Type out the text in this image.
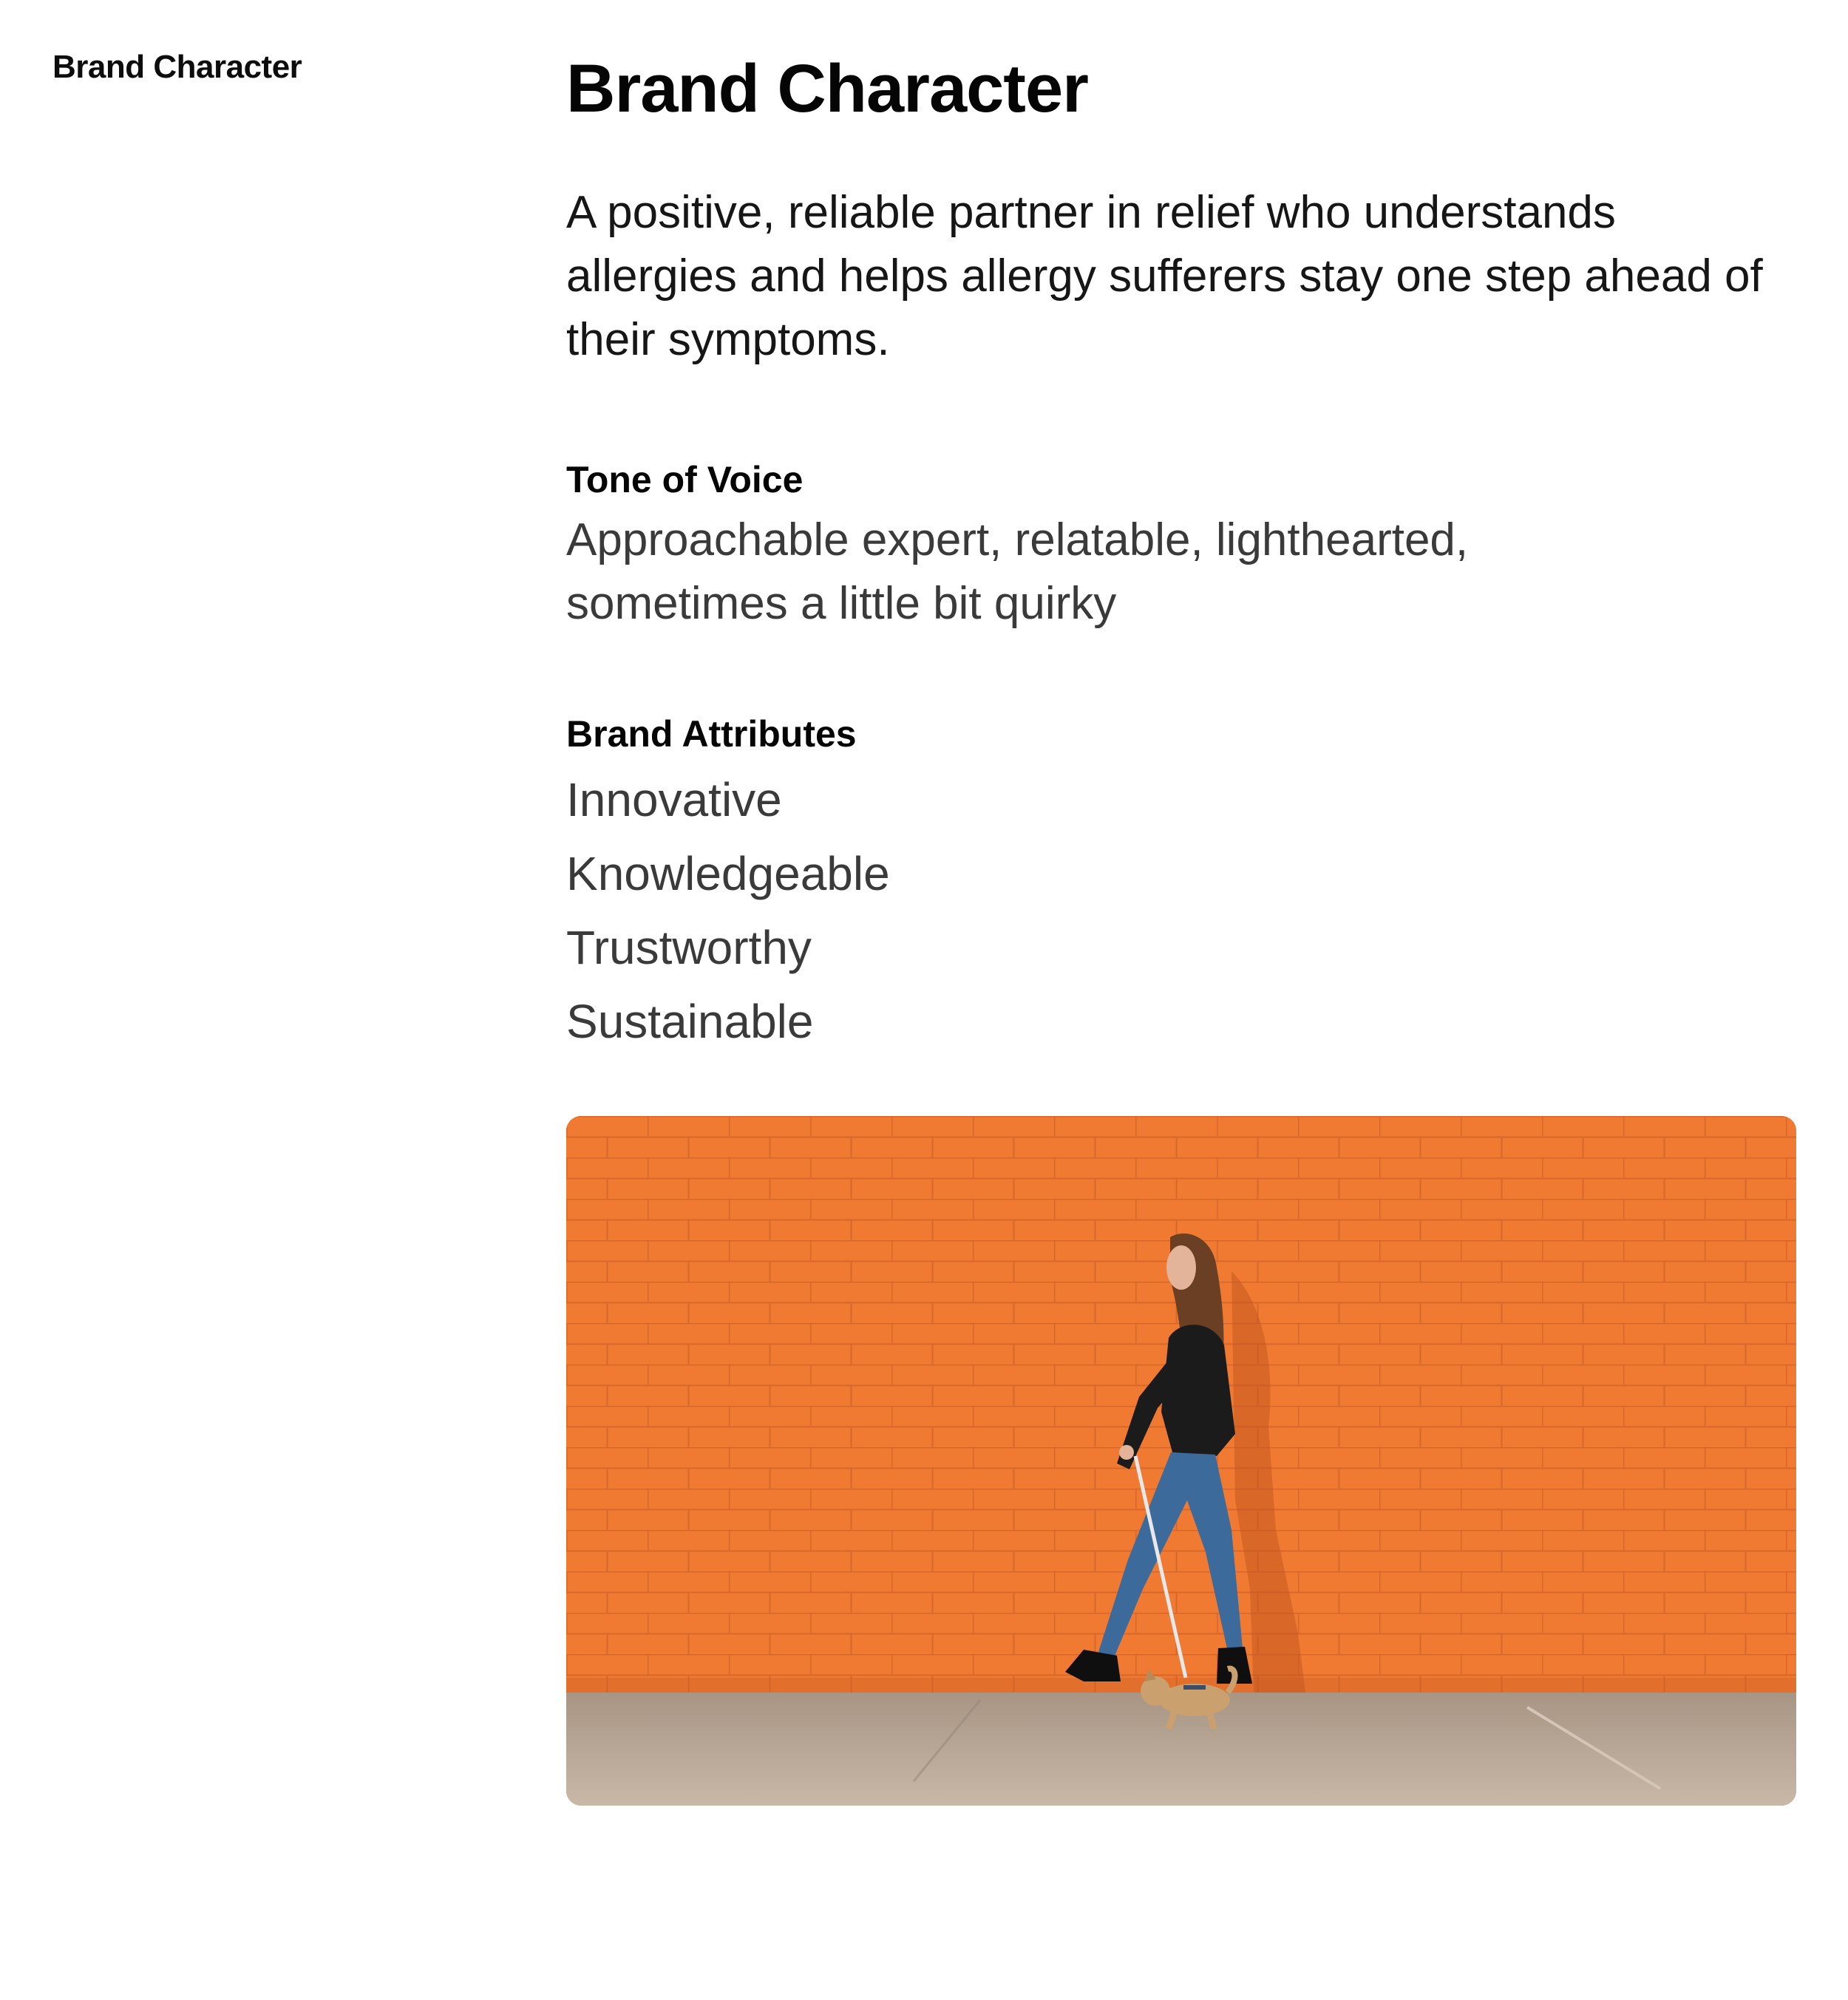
Brand Character	Brand Character

A positive, reliable partner in relief who understands allergies and helps allergy sufferers stay one step ahead of their symptoms.

Tone of Voice

Approachable expert, relatable, lighthearted, sometimes a little bit quirky

Brand Attributes
Innovative
Knowledgeable
Trustworthy
Sustainable
